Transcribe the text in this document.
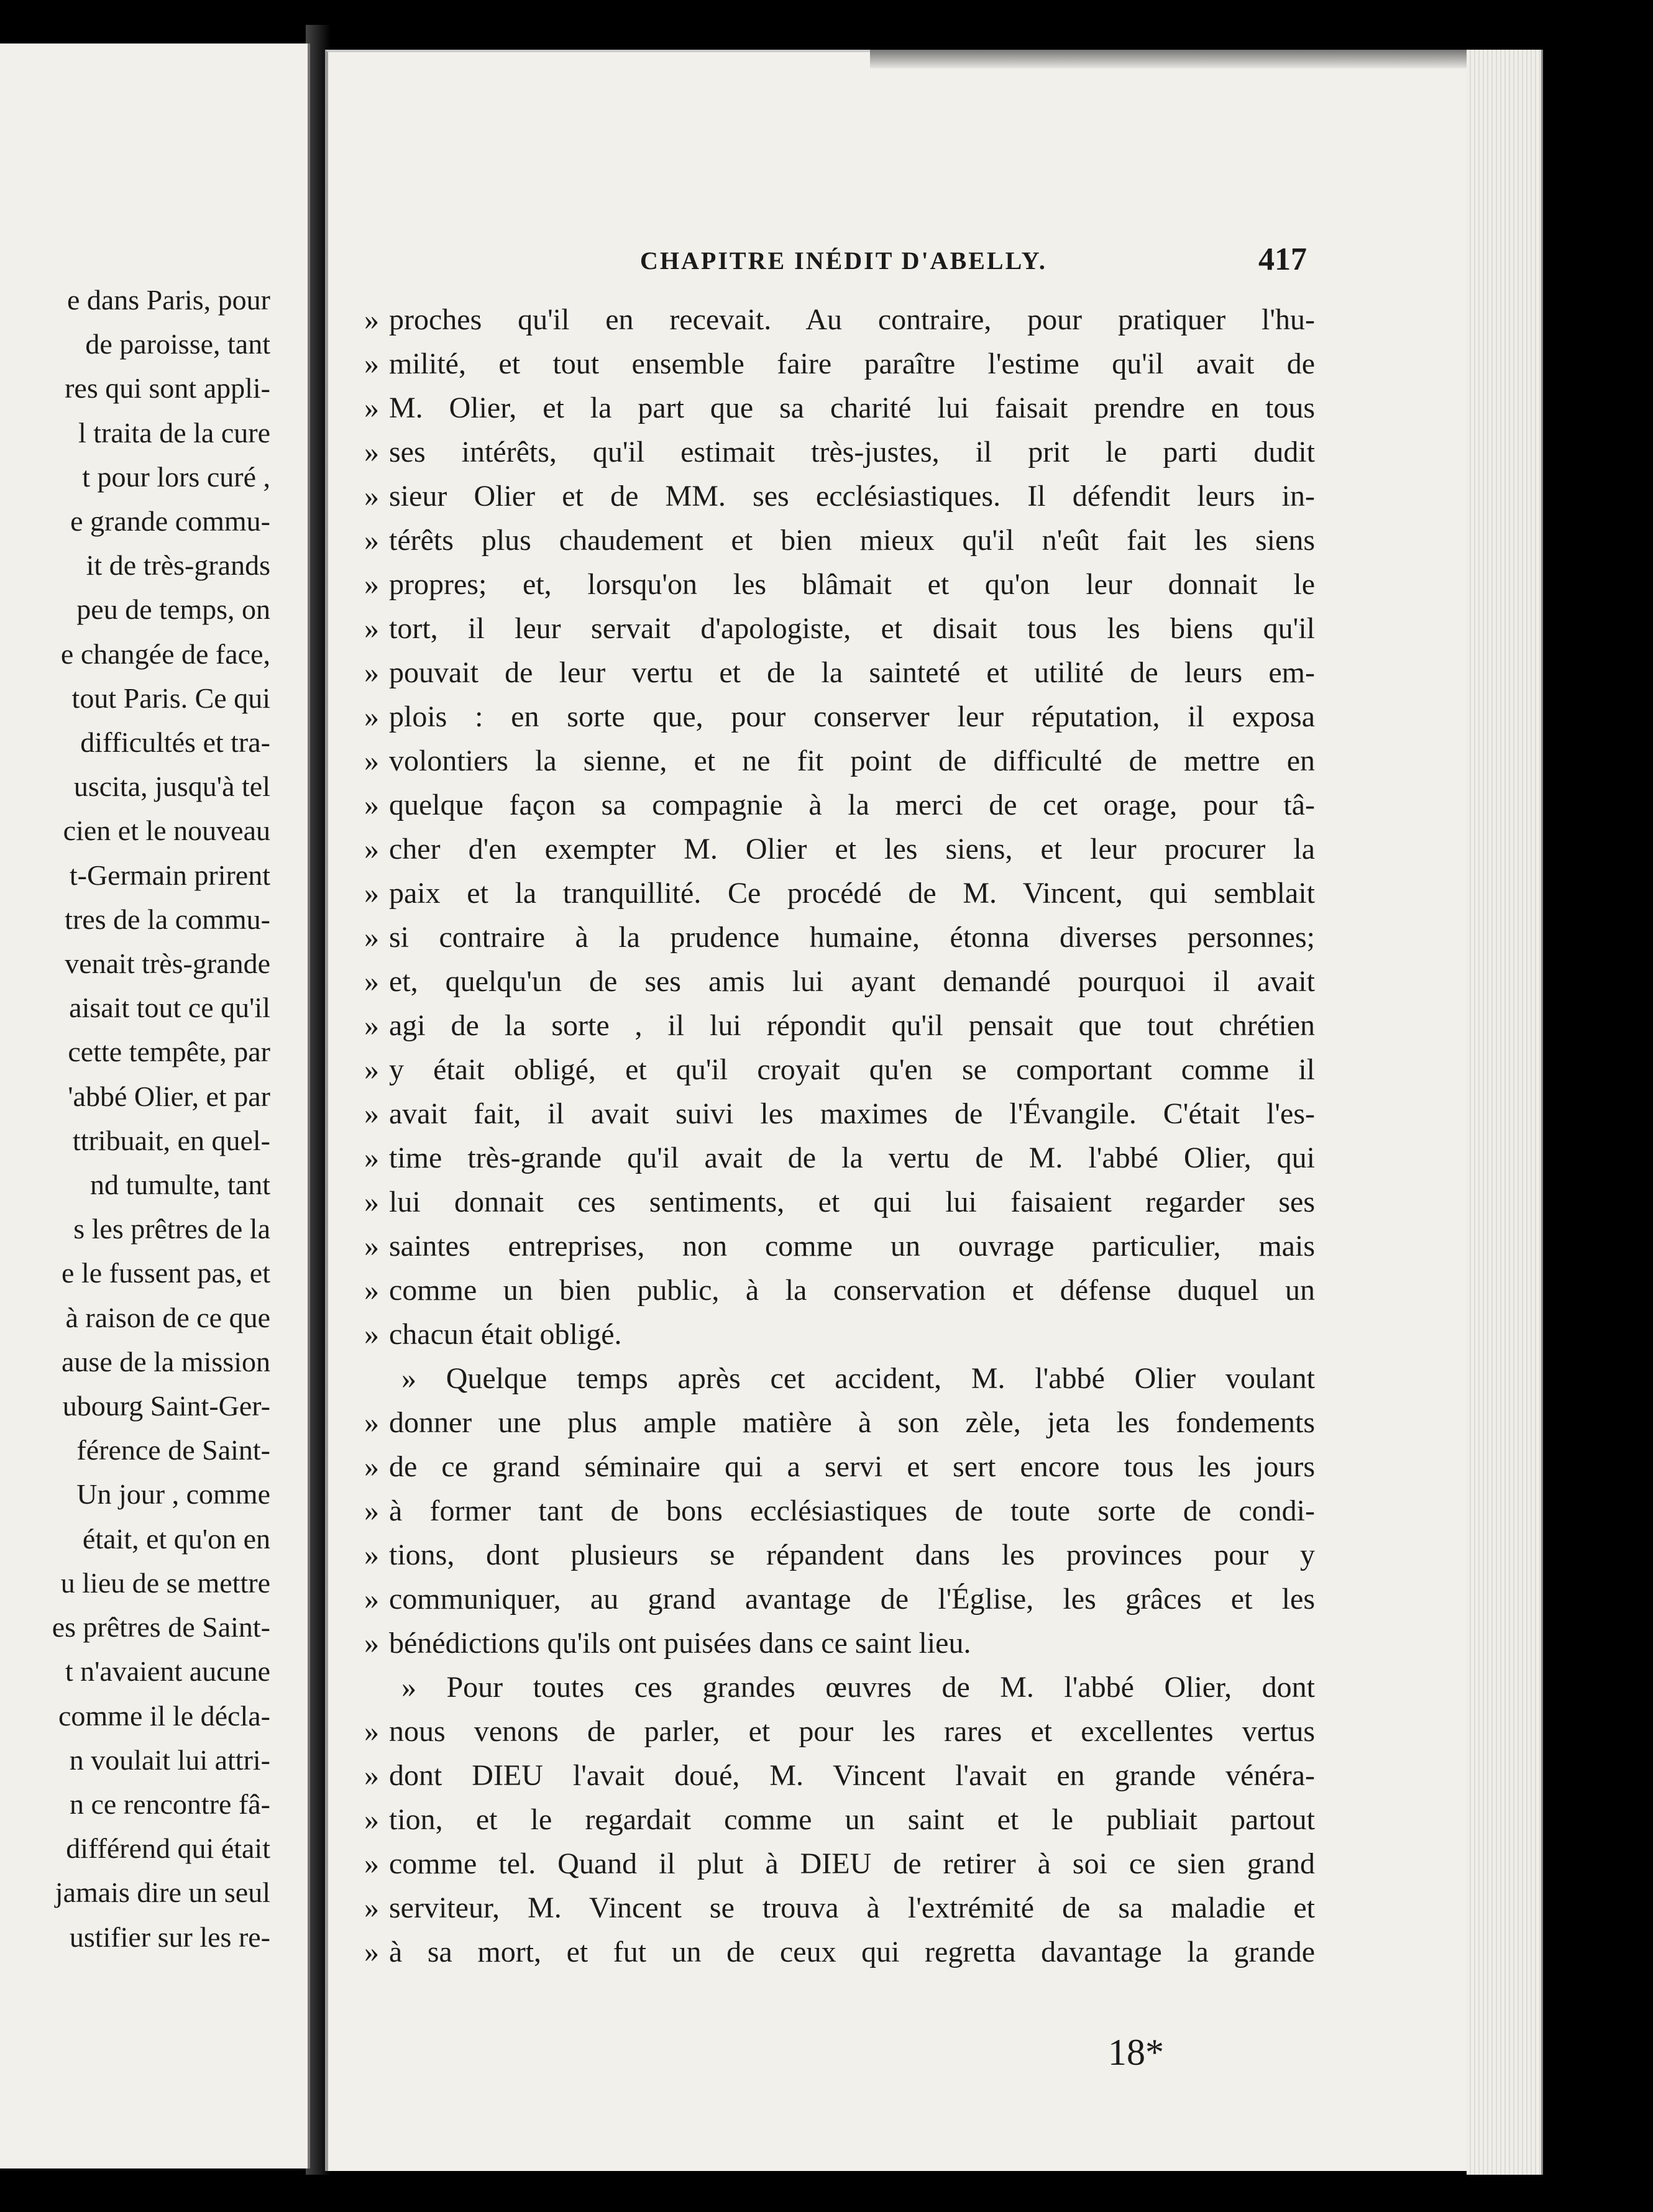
e dans Paris, pour
de paroisse, tant
res qui sont appli-
l traita de la cure
t pour lors curé ,
e grande commu-
it de très-grands
peu de temps, on
e changée de face,
tout Paris. Ce qui
difficultés et tra-
uscita, jusqu'à tel
cien et le nouveau
t-Germain prirent
tres de la commu-
venait très-grande
aisait tout ce qu'il
cette tempête, par
'abbé Olier, et par
ttribuait, en quel-
nd tumulte, tant
s les prêtres de la
e le fussent pas, et
à raison de ce que
ause de la mission
ubourg Saint-Ger-
férence de Saint-
Un jour , comme
était, et qu'on en
u lieu de se mettre
es prêtres de Saint-
t n'avaient aucune
comme il le décla-
n voulait lui attri-
n ce rencontre fâ-
différend qui était
jamais dire un seul
ustifier sur les re-
CHAPITRE INÉDIT D'ABELLY.	417
» proches qu'il en recevait. Au contraire, pour pratiquer l'hu-
» milité, et tout ensemble faire paraître l'estime qu'il avait de
» M. Olier, et la part que sa charité lui faisait prendre en tous
» ses intérêts, qu'il estimait très-justes, il prit le parti dudit
» sieur Olier et de MM. ses ecclésiastiques. Il défendit leurs in-
» térêts plus chaudement et bien mieux qu'il n'eût fait les siens
» propres; et, lorsqu'on les blâmait et qu'on leur donnait le
» tort, il leur servait d'apologiste, et disait tous les biens qu'il
» pouvait de leur vertu et de la sainteté et utilité de leurs em-
» plois : en sorte que, pour conserver leur réputation, il exposa
» volontiers la sienne, et ne fit point de difficulté de mettre en
» quelque façon sa compagnie à la merci de cet orage, pour tâ-
» cher d'en exempter M. Olier et les siens, et leur procurer la
» paix et la tranquillité. Ce procédé de M. Vincent, qui semblait
» si contraire à la prudence humaine, étonna diverses personnes;
» et, quelqu'un de ses amis lui ayant demandé pourquoi il avait
» agi de la sorte , il lui répondit qu'il pensait que tout chrétien
» y était obligé, et qu'il croyait qu'en se comportant comme il
» avait fait, il avait suivi les maximes de l'Évangile. C'était l'es-
» time très-grande qu'il avait de la vertu de M. l'abbé Olier, qui
» lui donnait ces sentiments, et qui lui faisaient regarder ses
» saintes entreprises, non comme un ouvrage particulier, mais
» comme un bien public, à la conservation et défense duquel un
» chacun était obligé.
» Quelque temps après cet accident, M. l'abbé Olier voulant
» donner une plus ample matière à son zèle, jeta les fondements
» de ce grand séminaire qui a servi et sert encore tous les jours
» à former tant de bons ecclésiastiques de toute sorte de condi-
» tions, dont plusieurs se répandent dans les provinces pour y
» communiquer, au grand avantage de l'Église, les grâces et les
» bénédictions qu'ils ont puisées dans ce saint lieu.
» Pour toutes ces grandes œuvres de M. l'abbé Olier, dont
» nous venons de parler, et pour les rares et excellentes vertus
» dont DIEU l'avait doué, M. Vincent l'avait en grande vénéra-
» tion, et le regardait comme un saint et le publiait partout
» comme tel. Quand il plut à DIEU de retirer à soi ce sien grand
» serviteur, M. Vincent se trouva à l'extrémité de sa maladie et
» à sa mort, et fut un de ceux qui regretta davantage la grande
18*
